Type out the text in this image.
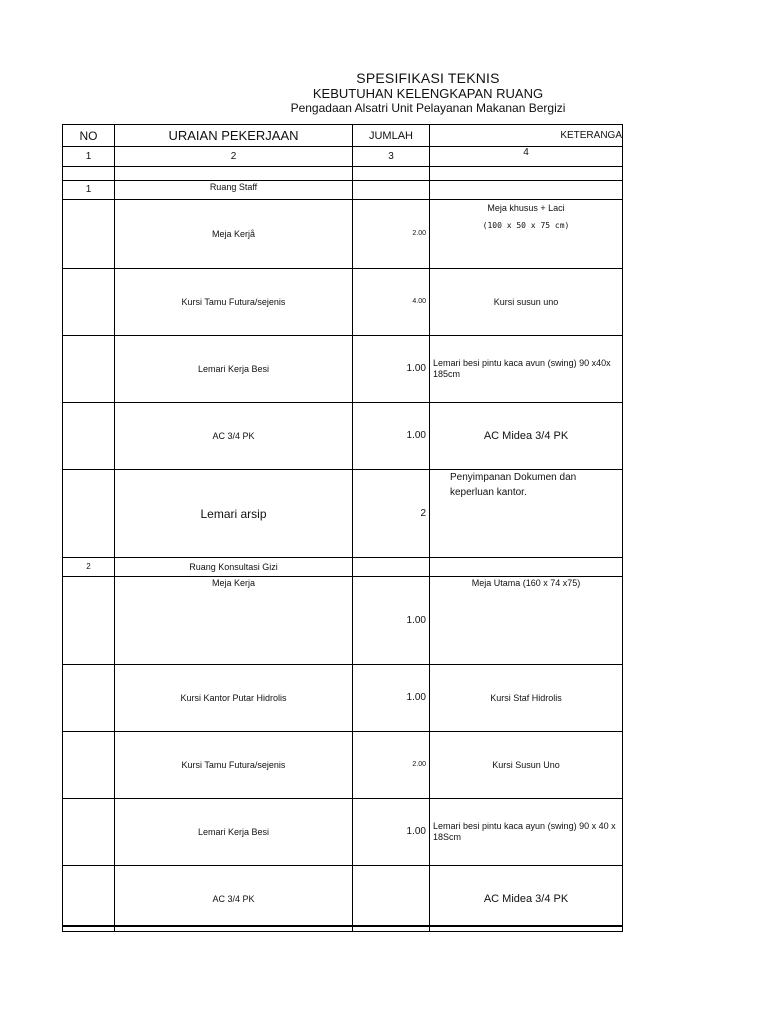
SPESIFIKASI TEKNIS
KEBUTUHAN KELENGKAPAN RUANG
Pengadaan Alsatri Unit Pelayanan Makanan Bergizi
NO	URAIAN PEKERJAAN	JUMLAH	KETERANGA
1	2	3	4

1	Ruang Staff		
	Meja Kerjå	2.00	Meja khusus + Laci
(100 x 50 x 75 cm)

	Kursi Tamu Futura/sejenis	4.00	Kursi susun uno
	Lemari Kerja Besi	1.00	Lemari besi pintu kaca avun (swing) 90 x40x 185cm
	AC 3/4 PK	1.00	AC Midea 3/4 PK
	Lemari arsip	2	Penyimpanan Dokumen dan keperluan kantor.

2	Ruang Konsultasi Gizi		
	Meja Kerja	1.00	Meja Utama (160 x 74 x75)
	Kursi Kantor Putar Hidrolis	1.00	Kursi Staf Hidrolis
	Kursi Tamu Futura/sejenis	2.00	Kursi Susun Uno
	Lemari Kerja Besi	1.00	Lemari besi pintu kaca ayun (swing) 90 x 40 x 18Scm
	AC 3/4 PK		AC Midea 3/4 PK
